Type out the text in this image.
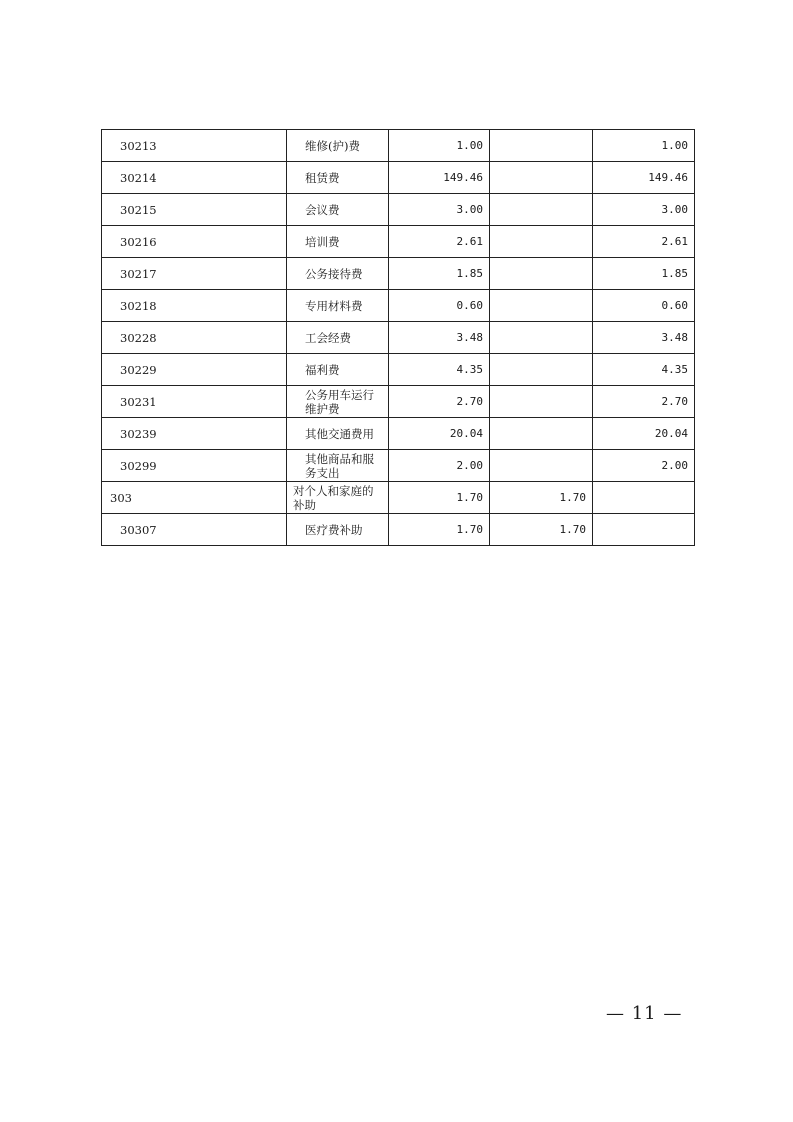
30213	维修(护)费	1.00		1.00
30214	租赁费	149.46		149.46
30215	会议费	3.00		3.00
30216	培训费	2.61		2.61
30217	公务接待费	1.85		1.85
30218	专用材料费	0.60		0.60
30228	工会经费	3.48		3.48
30229	福利费	4.35		4.35
30231	公务用车运行维护费	2.70		2.70
30239	其他交通费用	20.04		20.04
30299	其他商品和服务支出	2.00		2.00
303	对个人和家庭的补助	1.70	1.70	
30307	医疗费补助	1.70	1.70	
— 11 —
